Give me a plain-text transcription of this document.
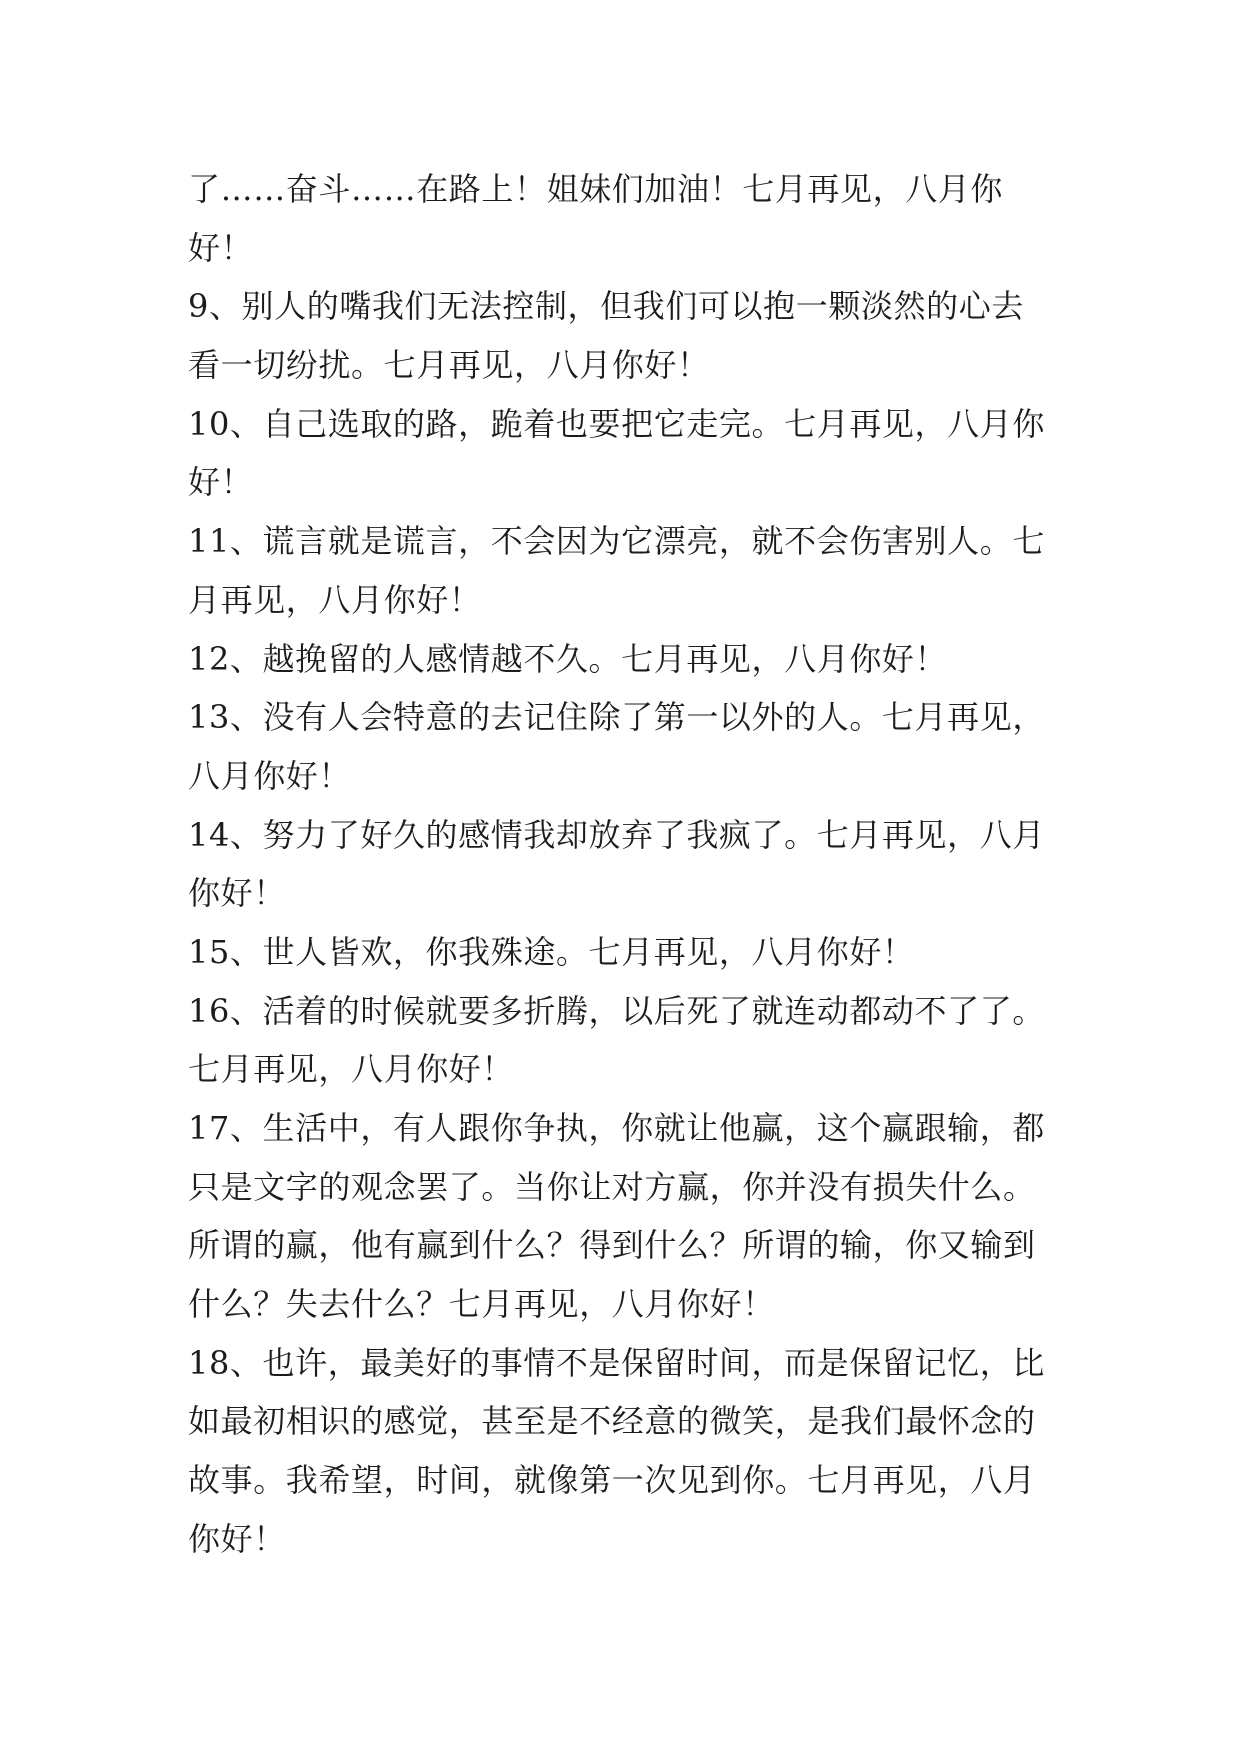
了……奋斗……在路上！姐妹们加油！七月再见，八月你
好！
9、别人的嘴我们无法控制，但我们可以抱一颗淡然的心去
看一切纷扰。七月再见，八月你好！
10、自己选取的路，跪着也要把它走完。七月再见，八月你
好！
11、谎言就是谎言，不会因为它漂亮，就不会伤害别人。七
月再见，八月你好！
12、越挽留的人感情越不久。七月再见，八月你好！
13、没有人会特意的去记住除了第一以外的人。七月再见，
八月你好！
14、努力了好久的感情我却放弃了我疯了。七月再见，八月
你好！
15、世人皆欢，你我殊途。七月再见，八月你好！
16、活着的时候就要多折腾，以后死了就连动都动不了了。
七月再见，八月你好！
17、生活中，有人跟你争执，你就让他赢，这个赢跟输，都
只是文字的观念罢了。当你让对方赢，你并没有损失什么。
所谓的赢，他有赢到什么？得到什么？所谓的输，你又输到
什么？失去什么？七月再见，八月你好！
18、也许，最美好的事情不是保留时间，而是保留记忆，比
如最初相识的感觉，甚至是不经意的微笑，是我们最怀念的
故事。我希望，时间，就像第一次见到你。七月再见，八月
你好！
